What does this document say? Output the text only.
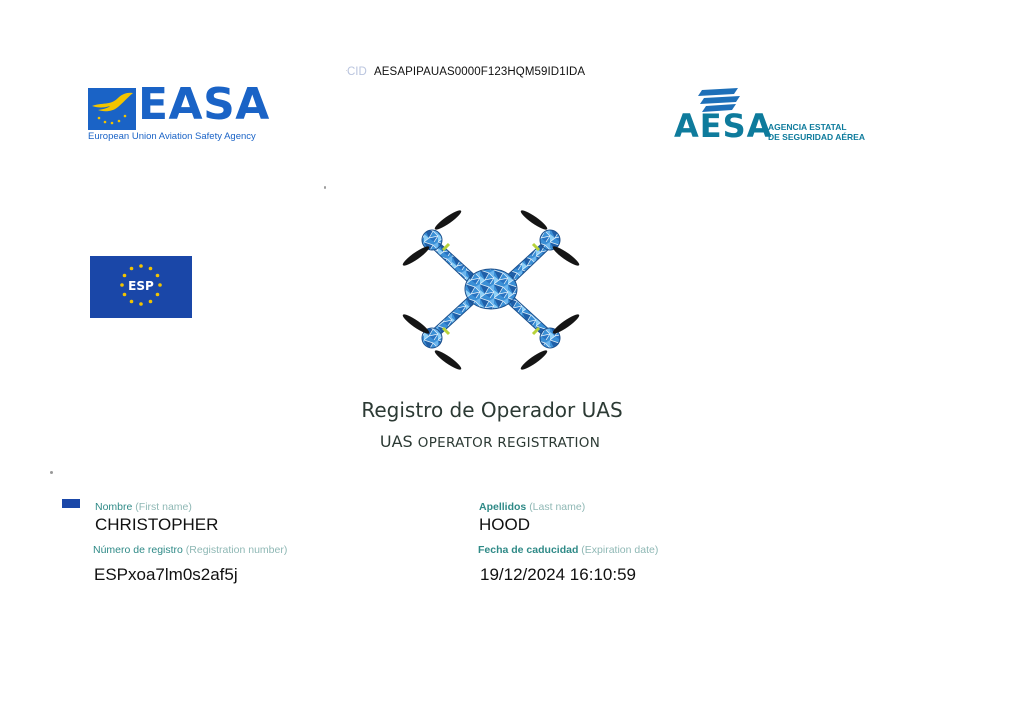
CID AESAPIPAUAS0000F123HQM59ID1IDA
EASA
European Union Aviation Safety Agency	AESA
AGENCIA ESTATAL
DE SEGURIDAD AÉREA
ESP
Registro de Operador UAS
UAS OPERATOR REGISTRATION
Nombre (First name)
CHRISTOPHER
Apellidos (Last name)
HOOD
Número de registro (Registration number)
ESPxoa7lm0s2af5j
Fecha de caducidad (Expiration date)
19/12/2024 16:10:59
